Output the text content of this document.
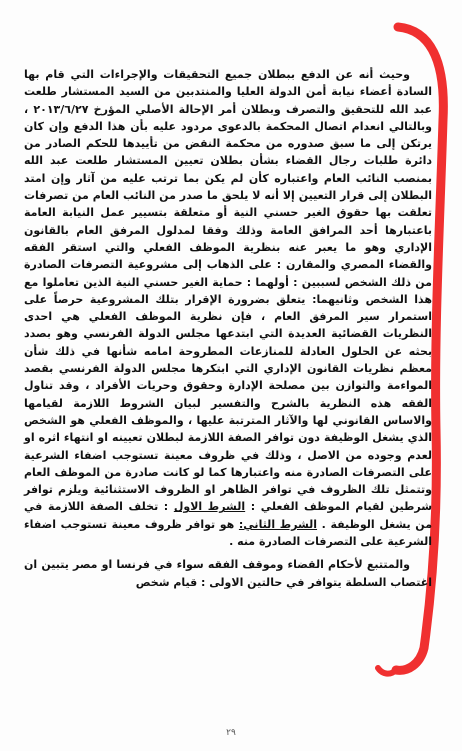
وحيث أنه عن الدفع ببطلان جميع التحقيقات والإجراءات التي قام بها السادة أعضاء نيابة أمن الدولة العليا والمنتدبين من السيد المستشار طلعت عبد الله للتحقيق والتصرف وبطلان أمر الإحالة الأصلي المؤرخ ٢٠١٣/٦/٢٧ ، وبالتالي انعدام اتصال المحكمة بالدعوى مردود عليه بأن هذا الدفع وإن كان يرتكن إلى ما سبق صدوره من محكمة النقض من تأييدها للحكم الصادر من دائرة طلبات رجال القضاء بشأن بطلان تعيين المستشار طلعت عبد الله بمنصب النائب العام واعتباره كأن لم يكن بما ترتب عليه من آثار وإن امتد البطلان إلى قرار التعيين إلا أنه لا يلحق ما صدر من النائب العام من تصرفات تعلقت بها حقوق الغير حسني النية أو متعلقة بتسيير عمل النيابة العامة باعتبارها أحد المرافق العامة وذلك وفقا لمدلول المرفق العام بالقانون الإداري وهو ما يعبر عنه بنظرية الموظف الفعلي والتي استقر الفقه والقضاء المصري والمقارن : على الذهاب إلى مشروعية التصرفات الصادرة من ذلك الشخص لسببين : أولهما : حماية الغير حسني النية الذين تعاملوا مع هذا الشخص وثانيهما: يتعلق بضرورة الإقرار بتلك المشروعية حرصاً على استمرار سير المرفق العام ، فإن نظرية الموظف الفعلي هي احدى النظريات القضائية العديدة التي ابتدعها مجلس الدولة الفرنسي وهو بصدد بحثه عن الحلول العادلة للمنازعات المطروحة امامه شأنها في ذلك شأن معظم نظريات القانون الإداري التي ابتكرها مجلس الدولة الفرنسي بقصد المواءمة والتوازن بين مصلحة الإدارة وحقوق وحريات الأفراد ، وقد تناول الفقه هذه النظرية بالشرح والتفسير لبيان الشروط اللازمة لقيامها والاساس القانوني لها والآثار المترتبة عليها ، والموظف الفعلي هو الشخص الذي يشغل الوظيفة دون توافر الصفة اللازمة لبطلان تعيينه او انتهاء اثره او لعدم وجوده من الاصل ، وذلك في ظروف معينة تستوجب اضفاء الشرعية على التصرفات الصادرة منه واعتبارها كما لو كانت صادرة من الموظف العام وتتمثل تلك الظروف في توافر الظاهر او الظروف الاستثنائية ويلزم توافر شرطين لقيام الموظف الفعلي : الشرط الاول : تخلف الصفة اللازمة في من يشغل الوظيفة . الشرط الثاني: هو توافر ظروف معينة تستوجب اضفاء الشرعية على التصرفات الصادرة منه .

والمتتبع لأحكام القضاء وموقف الفقه سواء في فرنسا او مصر يتبين ان اغتصاب السلطة يتوافر في حالتين الاولى : قيام شخص

٢٩
